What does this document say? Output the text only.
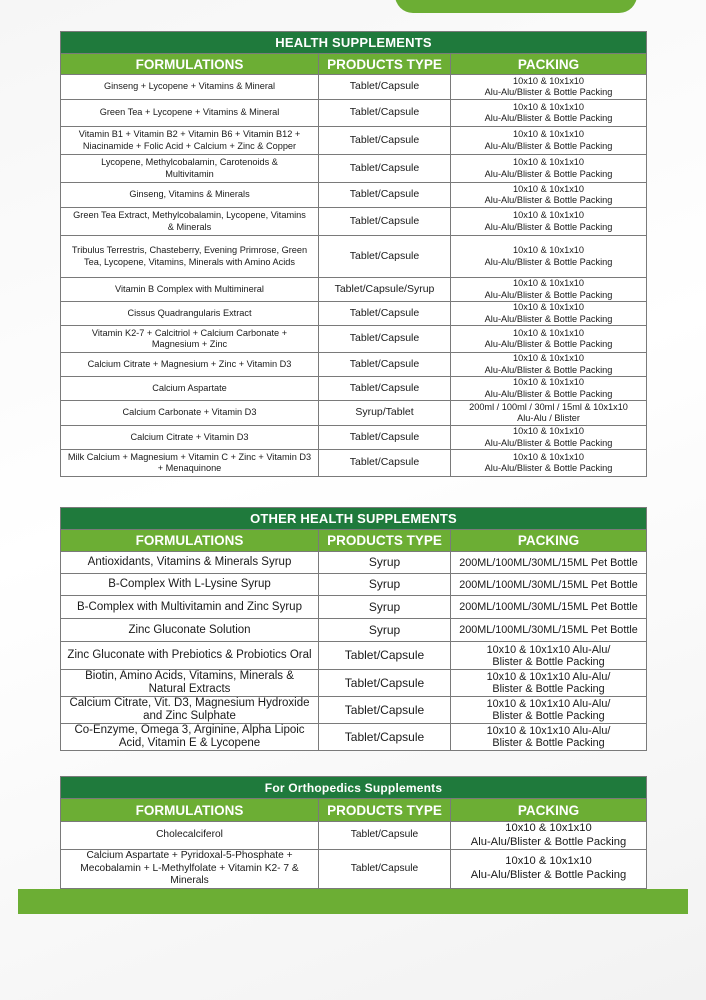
HEALTH SUPPLEMENTS		
FORMULATIONS	PRODUCTS TYPE	PACKING
Ginseng + Lycopene + Vitamins & Mineral	Tablet/Capsule	10x10 & 10x1x10
Alu-Alu/Blister & Bottle Packing
Green Tea + Lycopene + Vitamins & Mineral	Tablet/Capsule	10x10 & 10x1x10
Alu-Alu/Blister & Bottle Packing
Vitamin B1 + Vitamin B2 + Vitamin B6 + Vitamin B12 +
Niacinamide + Folic Acid + Calcium + Zinc & Copper	Tablet/Capsule	10x10 & 10x1x10
Alu-Alu/Blister & Bottle Packing
Lycopene, Methylcobalamin, Carotenoids &
Multivitamin	Tablet/Capsule	10x10 & 10x1x10
Alu-Alu/Blister & Bottle Packing
Ginseng, Vitamins & Minerals	Tablet/Capsule	10x10 & 10x1x10
Alu-Alu/Blister & Bottle Packing
Green Tea Extract, Methylcobalamin, Lycopene, Vitamins
& Minerals	Tablet/Capsule	10x10 & 10x1x10
Alu-Alu/Blister & Bottle Packing
Tribulus Terrestris, Chasteberry, Evening Primrose, Green
Tea, Lycopene, Vitamins, Minerals with Amino Acids	Tablet/Capsule	10x10 & 10x1x10
Alu-Alu/Blister & Bottle Packing
Vitamin B Complex with Multimineral	Tablet/Capsule/Syrup	10x10 & 10x1x10
Alu-Alu/Blister & Bottle Packing
Cissus Quadrangularis Extract	Tablet/Capsule	10x10 & 10x1x10
Alu-Alu/Blister & Bottle Packing
Vitamin K2-7 + Calcitriol + Calcium Carbonate +
Magnesium + Zinc	Tablet/Capsule	10x10 & 10x1x10
Alu-Alu/Blister & Bottle Packing
Calcium Citrate + Magnesium + Zinc + Vitamin D3	Tablet/Capsule	10x10 & 10x1x10
Alu-Alu/Blister & Bottle Packing
Calcium Aspartate	Tablet/Capsule	10x10 & 10x1x10
Alu-Alu/Blister & Bottle Packing
Calcium Carbonate + Vitamin D3	Syrup/Tablet	200ml / 100ml / 30ml / 15ml & 10x1x10
Alu-Alu / Blister
Calcium Citrate + Vitamin D3	Tablet/Capsule	10x10 & 10x1x10
Alu-Alu/Blister & Bottle Packing
Milk Calcium + Magnesium + Vitamin C + Zinc + Vitamin D3
+ Menaquinone	Tablet/Capsule	10x10 & 10x1x10
Alu-Alu/Blister & Bottle Packing
OTHER HEALTH SUPPLEMENTS		
FORMULATIONS	PRODUCTS TYPE	PACKING
Antioxidants, Vitamins & Minerals Syrup	Syrup	200ML/100ML/30ML/15ML Pet Bottle
B-Complex With L-Lysine Syrup	Syrup	200ML/100ML/30ML/15ML Pet Bottle
B-Complex with Multivitamin and Zinc Syrup	Syrup	200ML/100ML/30ML/15ML Pet Bottle
Zinc Gluconate Solution	Syrup	200ML/100ML/30ML/15ML Pet Bottle
Zinc Gluconate with Prebiotics & Probiotics Oral	Tablet/Capsule	10x10 & 10x1x10 Alu-Alu/
Blister & Bottle Packing
Biotin, Amino Acids, Vitamins, Minerals &
Natural Extracts	Tablet/Capsule	10x10 & 10x1x10 Alu-Alu/
Blister & Bottle Packing
Calcium Citrate, Vit. D3, Magnesium Hydroxide
and Zinc Sulphate	Tablet/Capsule	10x10 & 10x1x10 Alu-Alu/
Blister & Bottle Packing
Co-Enzyme, Omega 3, Arginine, Alpha Lipoic
Acid, Vitamin E & Lycopene	Tablet/Capsule	10x10 & 10x1x10 Alu-Alu/
Blister & Bottle Packing
For Orthopedics Supplements		
FORMULATIONS	PRODUCTS TYPE	PACKING
Cholecalciferol	Tablet/Capsule	10x10 & 10x1x10
Alu-Alu/Blister & Bottle Packing
Calcium Aspartate + Pyridoxal-5-Phosphate +
Mecobalamin + L-Methylfolate + Vitamin K2- 7 &
Minerals	Tablet/Capsule	10x10 & 10x1x10
Alu-Alu/Blister & Bottle Packing
